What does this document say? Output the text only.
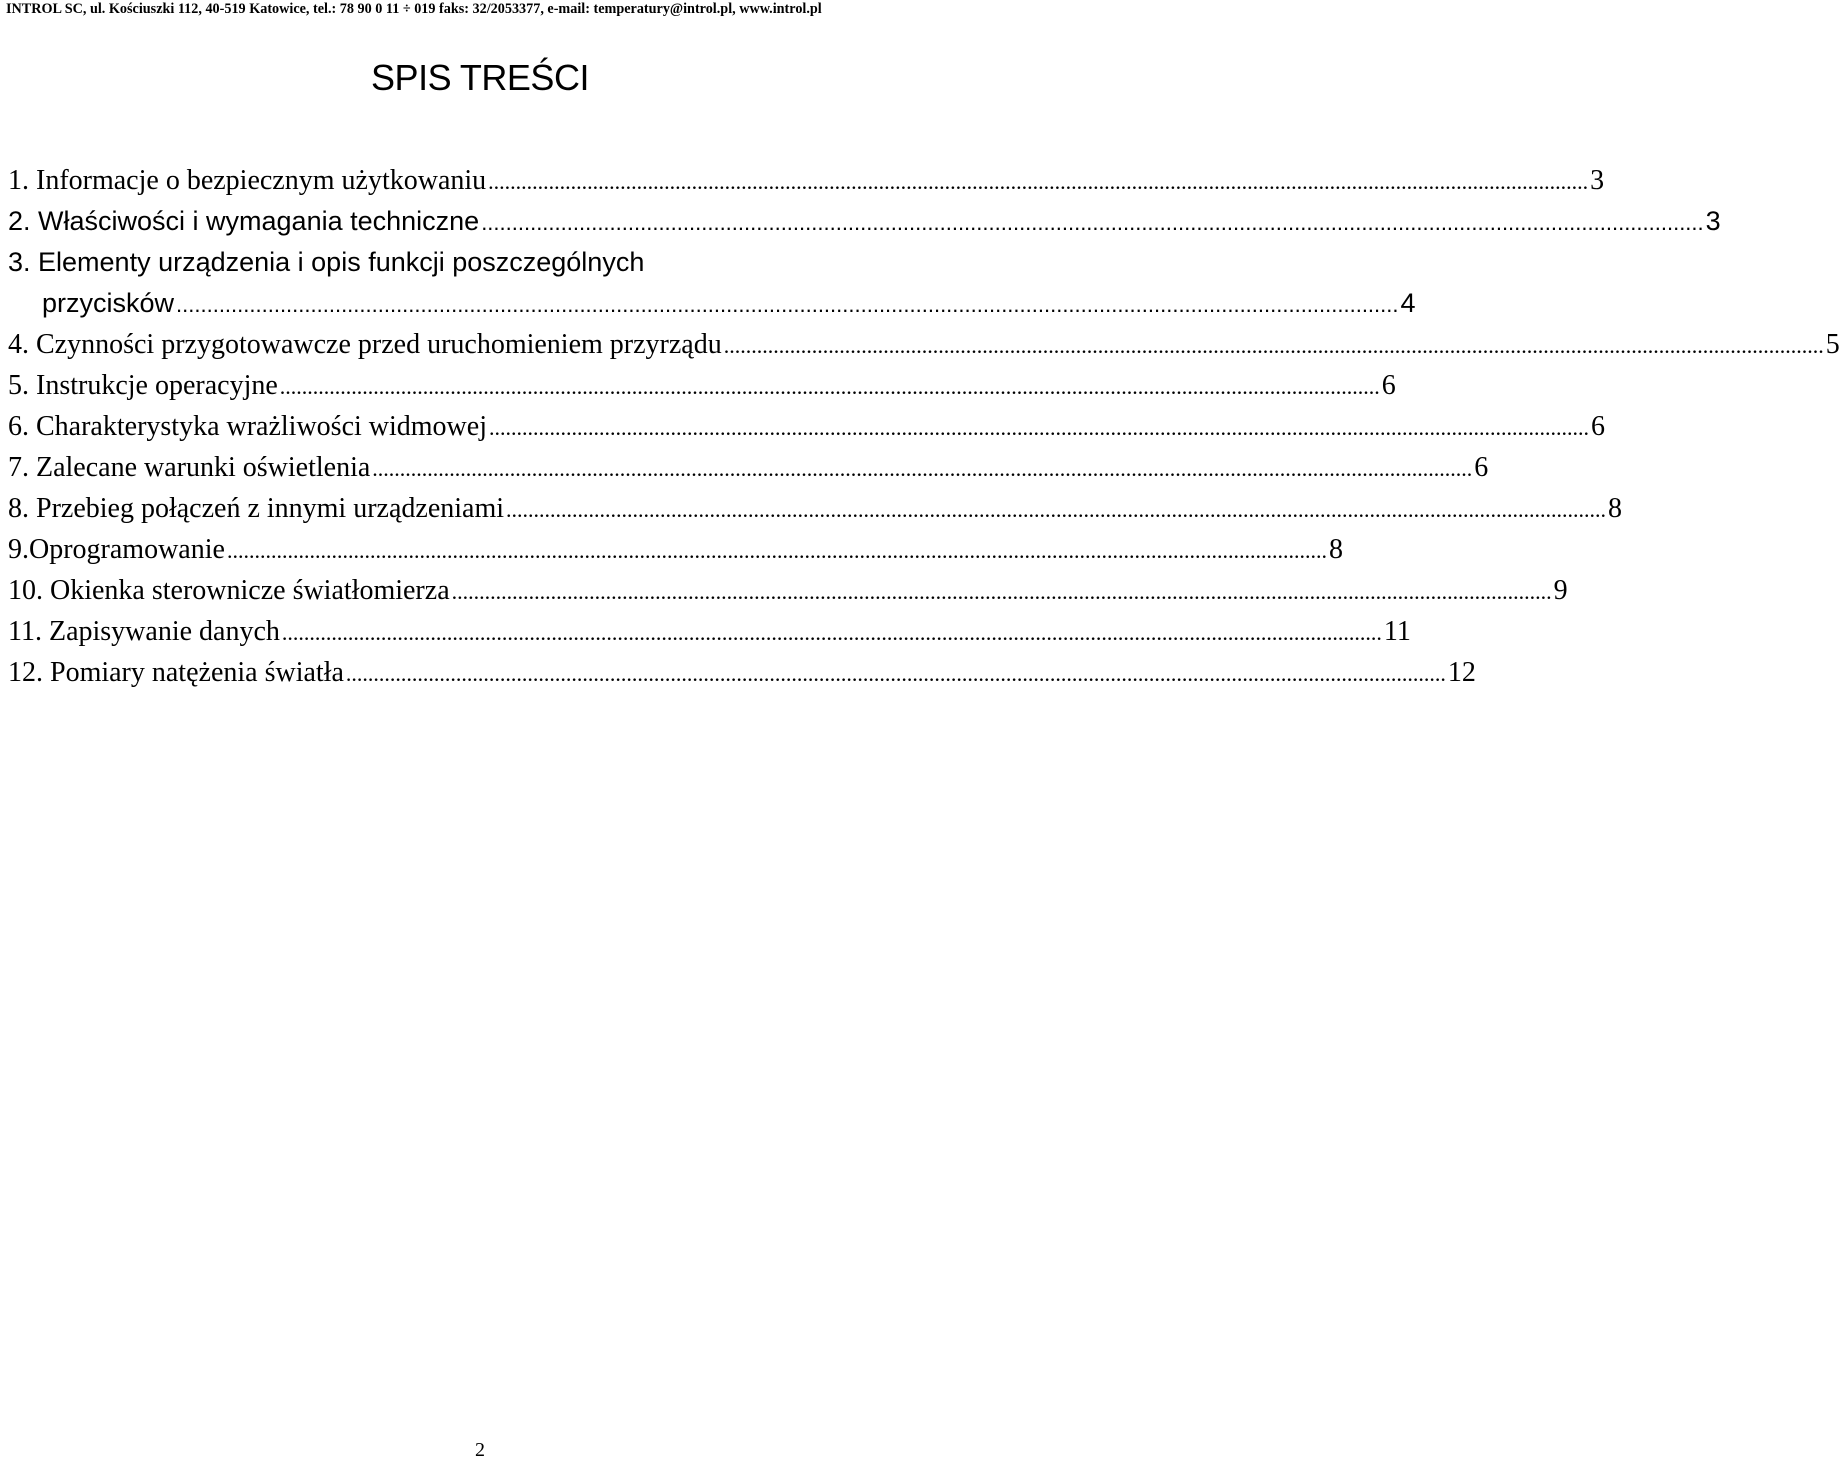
INTROL SC, ul. Kościuszki 112, 40-519 Katowice, tel.: 78 90 0 11 ÷ 019 faks: 32/2053377, e-mail: temperatury@introl.pl, www.introl.pl
SPIS TREŚCI
1. Informacje o bezpiecznym użytkowaniu ........................................................................................................................................................................................................ 3
2. Właściwości i wymagania techniczne ........................................................................................................................................................................................................ 3
3. Elementy urządzenia i opis funkcji poszczególnych
przycisków ........................................................................................................................................................................................................ 4
4. Czynności przygotowawcze przed uruchomieniem przyrządu ........................................................................................................................................................................................................ 5
5. Instrukcje operacyjne ........................................................................................................................................................................................................ 6
6. Charakterystyka wrażliwości widmowej ........................................................................................................................................................................................................ 6
7. Zalecane warunki oświetlenia ........................................................................................................................................................................................................ 6
8. Przebieg połączeń z innymi urządzeniami ........................................................................................................................................................................................................ 8
9.Oprogramowanie ........................................................................................................................................................................................................ 8
10. Okienka sterownicze światłomierza ........................................................................................................................................................................................................ 9
11. Zapisywanie danych ........................................................................................................................................................................................................ 11
12. Pomiary natężenia światła ........................................................................................................................................................................................................ 12
2
